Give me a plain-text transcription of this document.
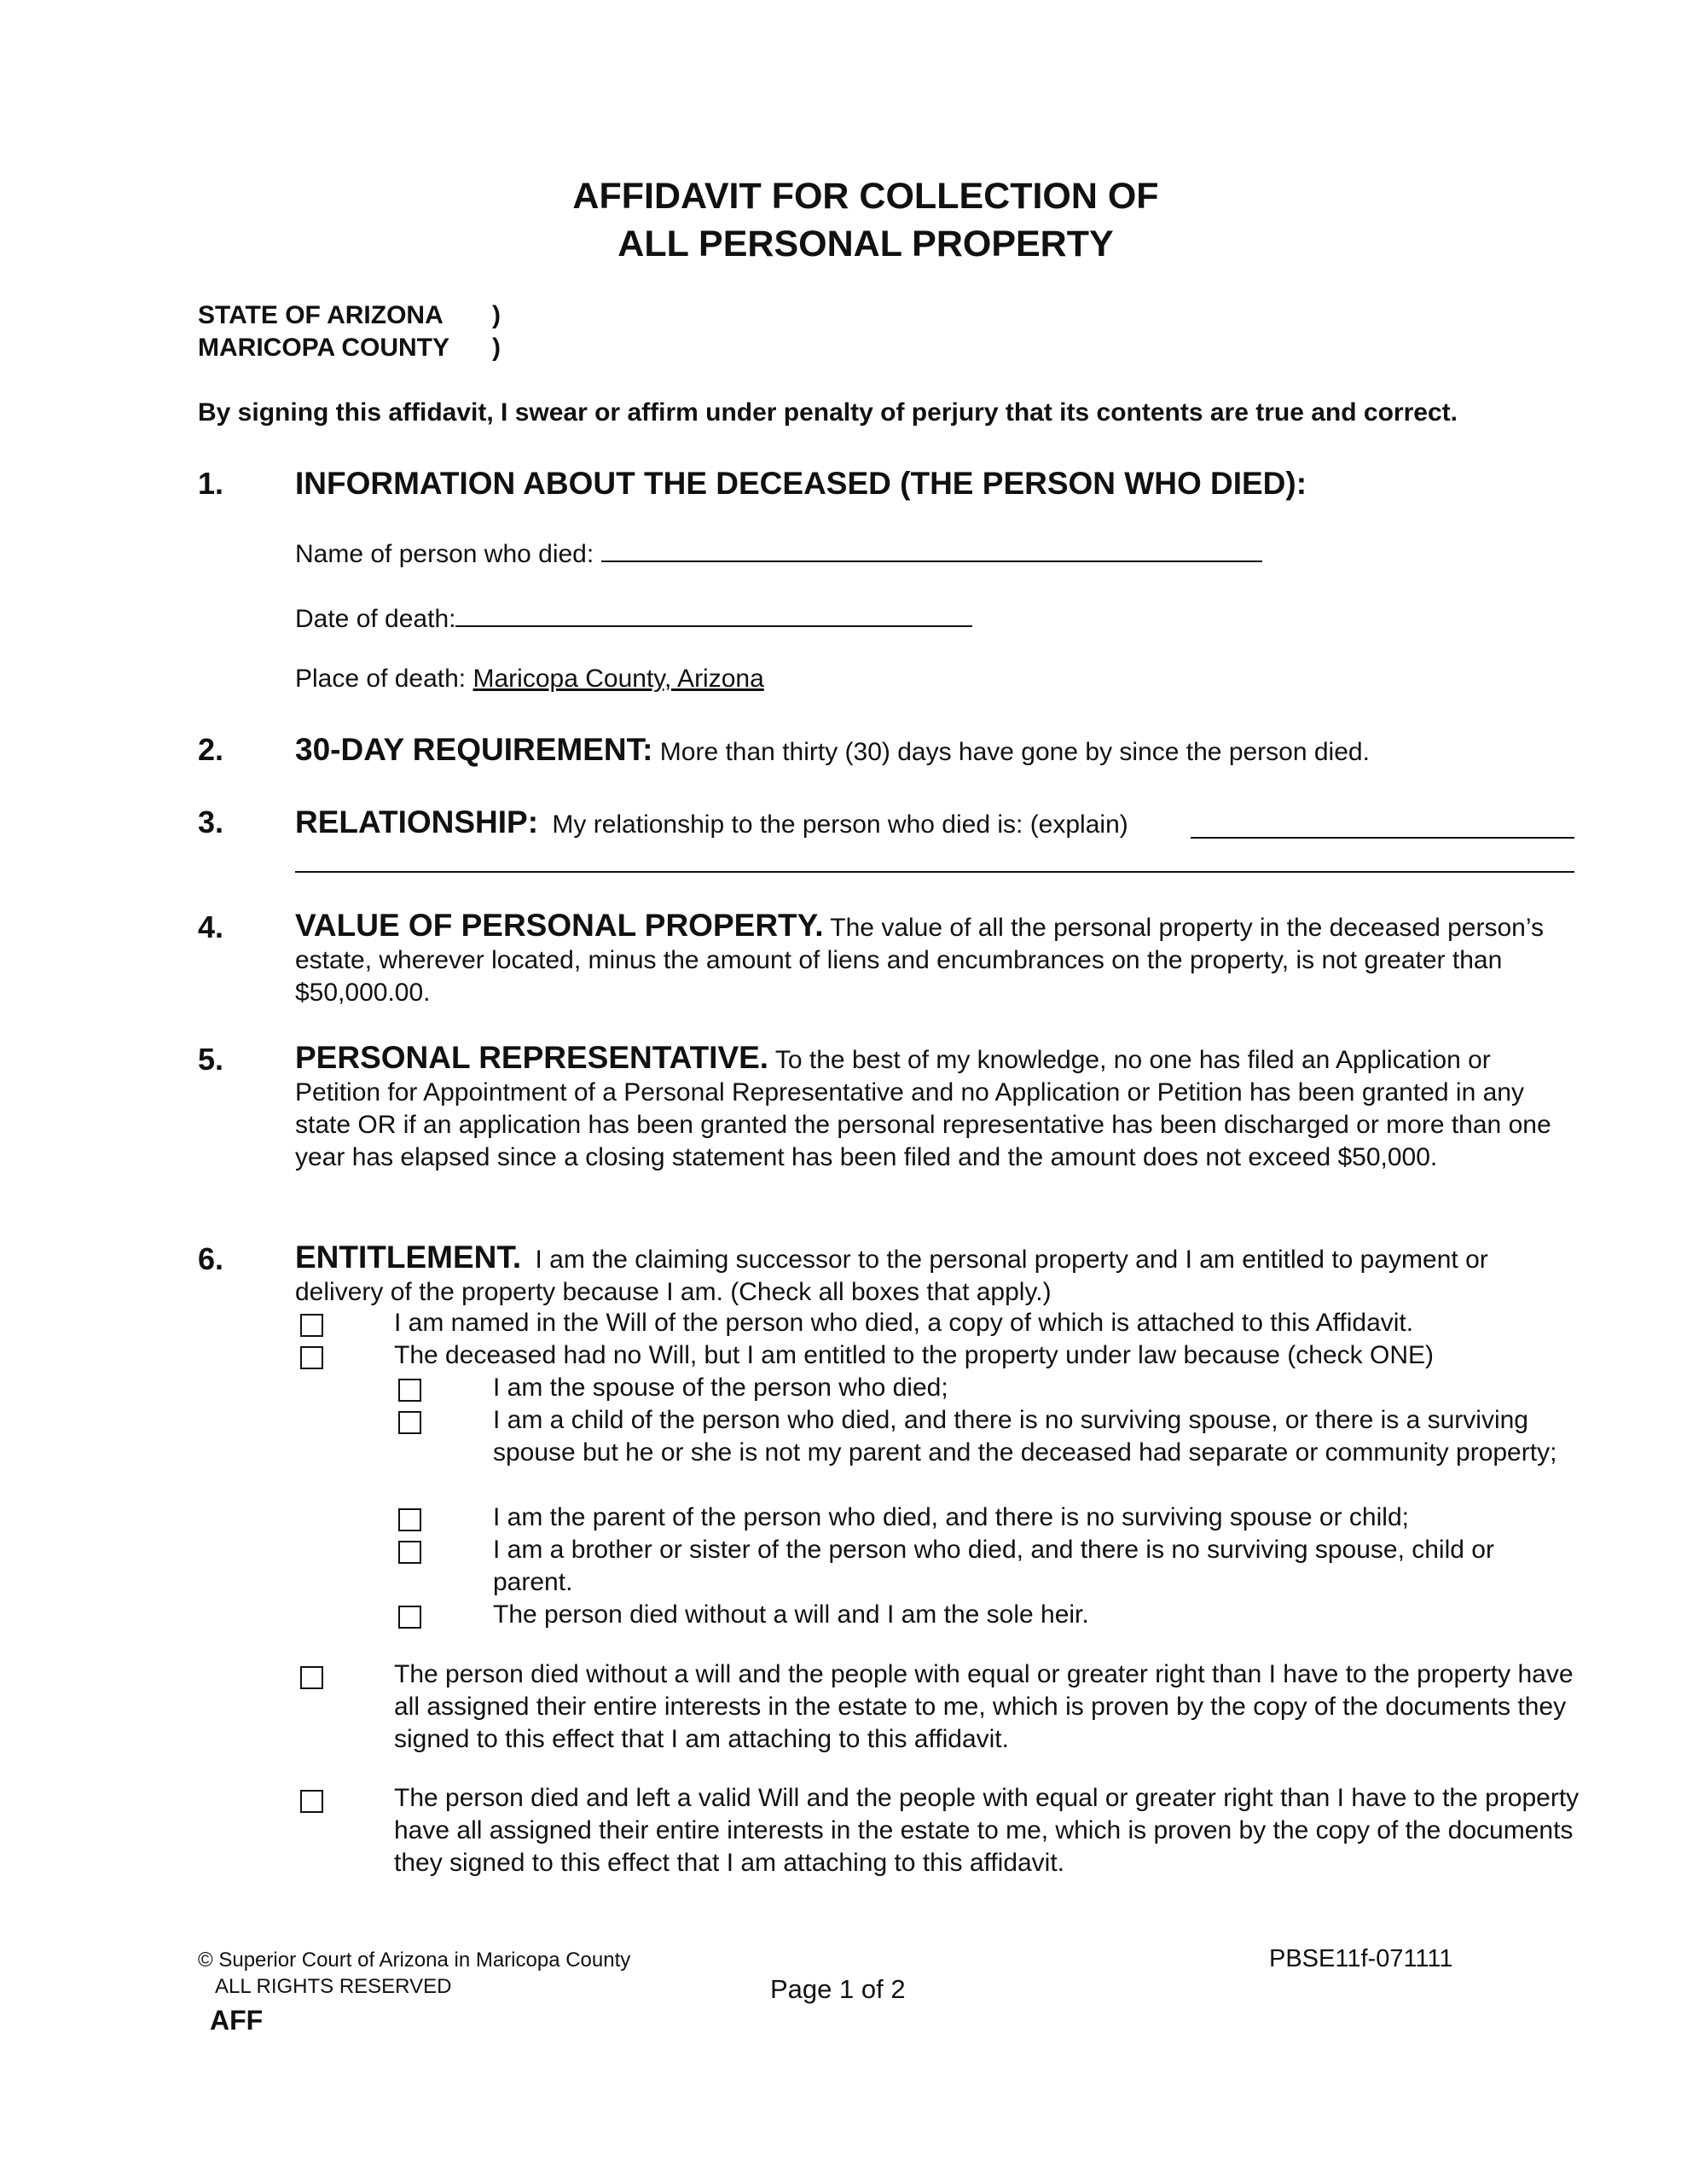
AFFIDAVIT FOR COLLECTION OF
ALL PERSONAL PROPERTY
STATE OF ARIZONA )
MARICOPA COUNTY )
By signing this affidavit, I swear or affirm under penalty of perjury that its contents are true and correct.
1. INFORMATION ABOUT THE DECEASED (THE PERSON WHO DIED):
Name of person who died:
Date of death:
Place of death: Maricopa County, Arizona
2. 30-DAY REQUIREMENT: More than thirty (30) days have gone by since the person died.
3. RELATIONSHIP: My relationship to the person who died is: (explain)
4. VALUE OF PERSONAL PROPERTY. The value of all the personal property in the deceased person’s estate, wherever located, minus the amount of liens and encumbrances on the property, is not greater than $50,000.00.
5. PERSONAL REPRESENTATIVE. To the best of my knowledge, no one has filed an Application or Petition for Appointment of a Personal Representative and no Application or Petition has been granted in any state OR if an application has been granted the personal representative has been discharged or more than one year has elapsed since a closing statement has been filed and the amount does not exceed $50,000.
6. ENTITLEMENT. I am the claiming successor to the personal property and I am entitled to payment or delivery of the property because I am. (Check all boxes that apply.)
I am named in the Will of the person who died, a copy of which is attached to this Affidavit.
The deceased had no Will, but I am entitled to the property under law because (check ONE)
I am the spouse of the person who died;
I am a child of the person who died, and there is no surviving spouse, or there is a surviving spouse but he or she is not my parent and the deceased had separate or community property;
I am the parent of the person who died, and there is no surviving spouse or child;
I am a brother or sister of the person who died, and there is no surviving spouse, child or parent.
The person died without a will and I am the sole heir.
The person died without a will and the people with equal or greater right than I have to the property have all assigned their entire interests in the estate to me, which is proven by the copy of the documents they signed to this effect that I am attaching to this affidavit.
The person died and left a valid Will and the people with equal or greater right than I have to the property have all assigned their entire interests in the estate to me, which is proven by the copy of the documents they signed to this effect that I am attaching to this affidavit.
© Superior Court of Arizona in Maricopa County
ALL RIGHTS RESERVED
AFF
PBSE11f-071111
Page 1 of 2
